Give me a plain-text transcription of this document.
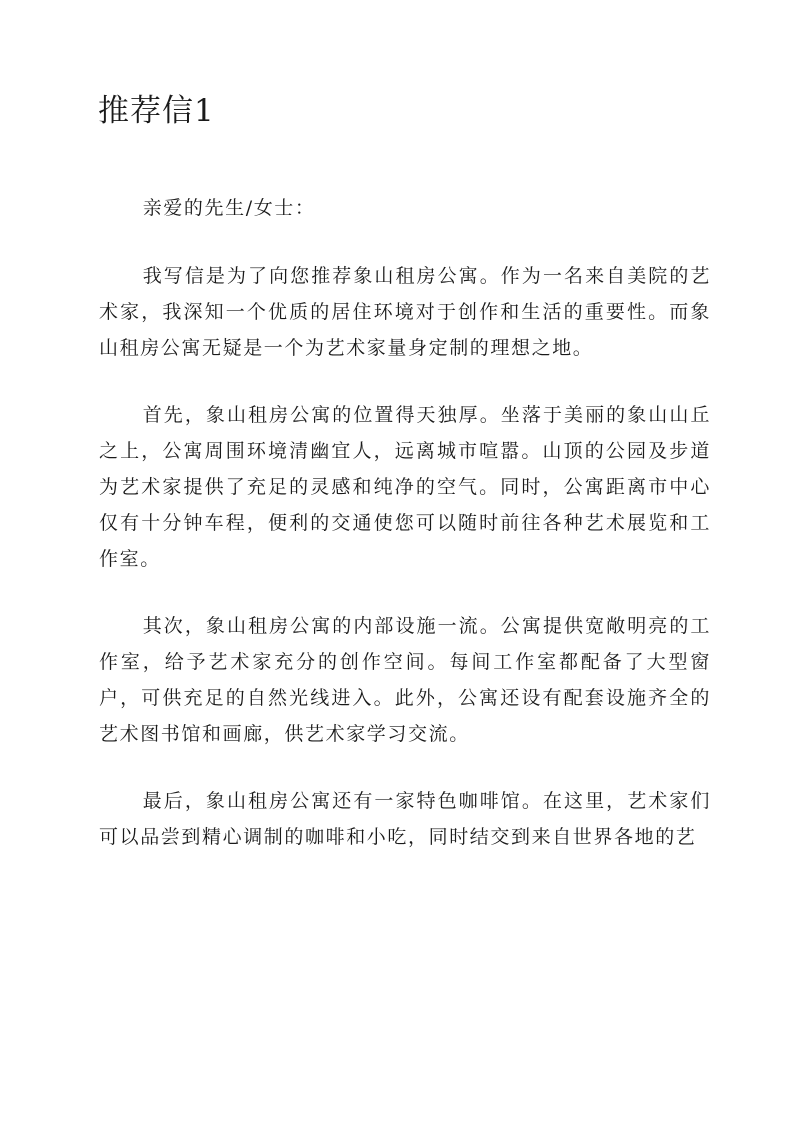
推荐信1

亲爱的先生/女士：

我写信是为了向您推荐象山租房公寓。作为一名来自美院的艺术家，我深知一个优质的居住环境对于创作和生活的重要性。而象山租房公寓无疑是一个为艺术家量身定制的理想之地。

首先，象山租房公寓的位置得天独厚。坐落于美丽的象山山丘之上，公寓周围环境清幽宜人，远离城市喧嚣。山顶的公园及步道为艺术家提供了充足的灵感和纯净的空气。同时，公寓距离市中心仅有十分钟车程，便利的交通使您可以随时前往各种艺术展览和工作室。

其次，象山租房公寓的内部设施一流。公寓提供宽敞明亮的工作室，给予艺术家充分的创作空间。每间工作室都配备了大型窗户，可供充足的自然光线进入。此外，公寓还设有配套设施齐全的艺术图书馆和画廊，供艺术家学习交流。

最后，象山租房公寓还有一家特色咖啡馆。在这里，艺术家们可以品尝到精心调制的咖啡和小吃，同时结交到来自世界各地的艺
